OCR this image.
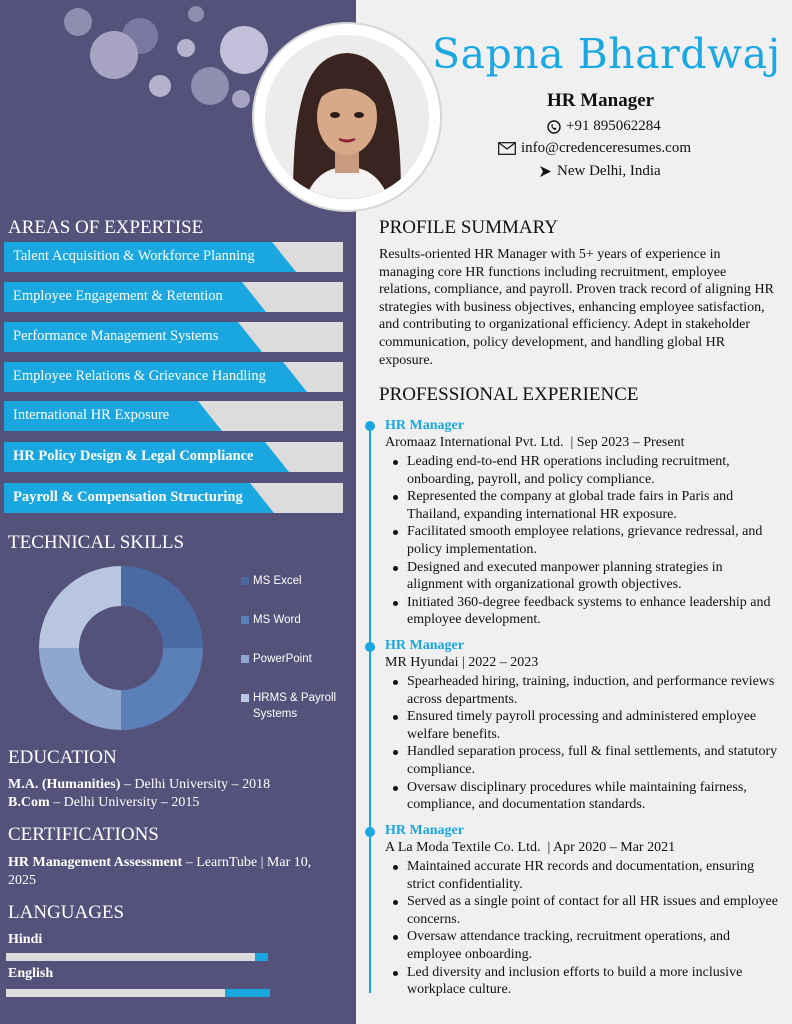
Sapna Bhardwaj
HR Manager
+91 895062284
info@credenceresumes.com
New Delhi, India
AREAS OF EXPERTISE
Talent Acquisition & Workforce Planning
Employee Engagement & Retention
Performance Management Systems
Employee Relations & Grievance Handling
International HR Exposure
HR Policy Design & Legal Compliance
Payroll & Compensation Structuring
TECHNICAL SKILLS
MS Excel
MS Word
PowerPoint
HRMS & Payroll Systems
EDUCATION
M.A. (Humanities) – Delhi University – 2018
B.Com – Delhi University – 2015
CERTIFICATIONS
HR Management Assessment – LearnTube | Mar 10, 2025
LANGUAGES
Hindi
English
PROFILE SUMMARY
Results-oriented HR Manager with 5+ years of experience in managing core HR functions including recruitment, employee relations, compliance, and payroll. Proven track record of aligning HR strategies with business objectives, enhancing employee satisfaction, and contributing to organizational efficiency. Adept in stakeholder communication, policy development, and handling global HR exposure.
PROFESSIONAL EXPERIENCE
HR Manager
Aromaaz International Pvt. Ltd.  | Sep 2023 – Present
Leading end-to-end HR operations including recruitment, onboarding, payroll, and policy compliance.
Represented the company at global trade fairs in Paris and Thailand, expanding international HR exposure.
Facilitated smooth employee relations, grievance redressal, and policy implementation.
Designed and executed manpower planning strategies in alignment with organizational growth objectives.
Initiated 360-degree feedback systems to enhance leadership and employee development.
HR Manager
MR Hyundai | 2022 – 2023
Spearheaded hiring, training, induction, and performance reviews across departments.
Ensured timely payroll processing and administered employee welfare benefits.
Handled separation process, full & final settlements, and statutory compliance.
Oversaw disciplinary procedures while maintaining fairness, compliance, and documentation standards.
HR Manager
A La Moda Textile Co. Ltd.  | Apr 2020 – Mar 2021
Maintained accurate HR records and documentation, ensuring strict confidentiality.
Served as a single point of contact for all HR issues and employee concerns.
Oversaw attendance tracking, recruitment operations, and employee onboarding.
Led diversity and inclusion efforts to build a more inclusive workplace culture.
